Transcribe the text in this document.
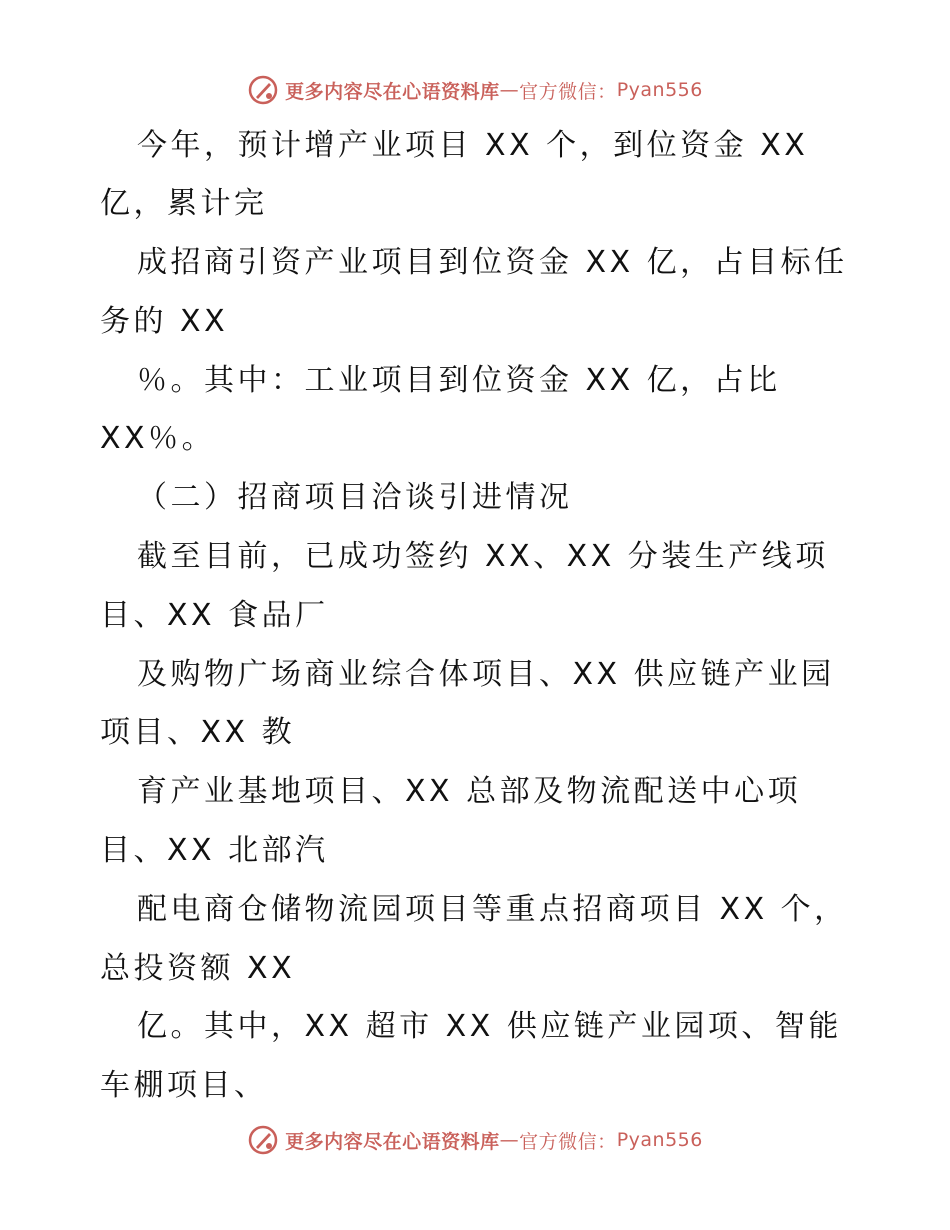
更多内容尽在心语资料库 — 官方微信： Pyan556
今年，预计增产业项目 XX 个，到位资金 XX
亿，累计完
成招商引资产业项目到位资金 XX 亿，占目标任
务的 XX
％。其中：工业项目到位资金 XX 亿，占比
XX％。
（二）招商项目洽谈引进情况
截至目前，已成功签约 XX、XX 分装生产线项
目、XX 食品厂
及购物广场商业综合体项目、XX 供应链产业园
项目、XX 教
育产业基地项目、XX 总部及物流配送中心项
目、XX 北部汽
配电商仓储物流园项目等重点招商项目 XX 个，
总投资额 XX
亿。其中，XX 超市 XX 供应链产业园项、智能
车棚项目、
更多内容尽在心语资料库 — 官方微信： Pyan556
